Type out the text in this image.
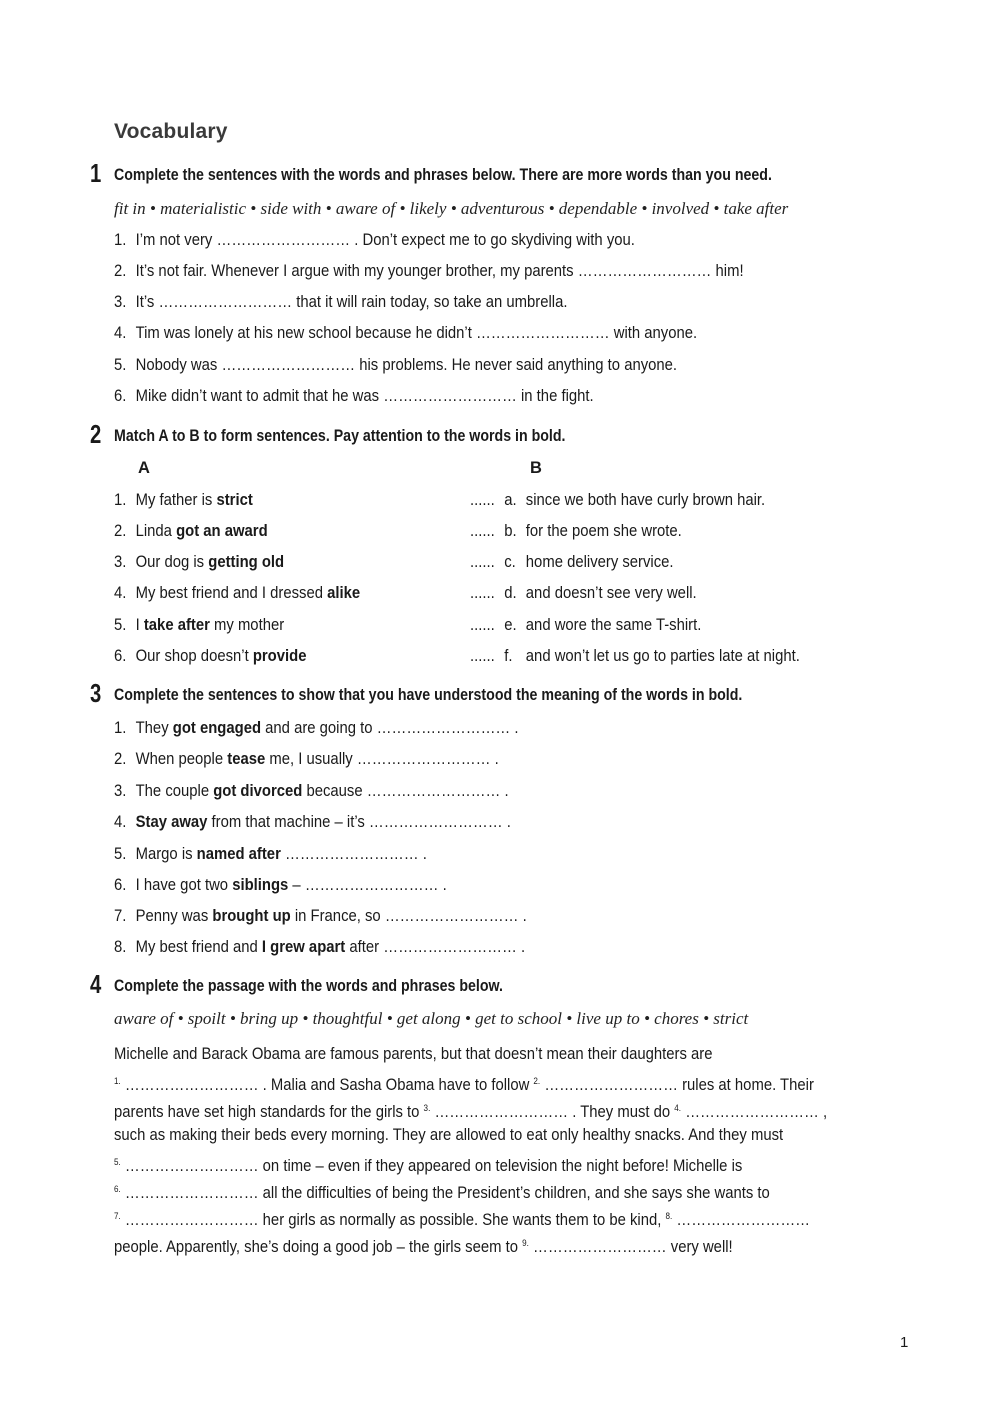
Vocabulary
1 Complete the sentences with the words and phrases below. There are more words than you need.
fit in • materialistic • side with • aware of • likely • adventurous • dependable • involved • take after
1. I’m not very ……………………… . Don’t expect me to go skydiving with you.
2. It’s not fair. Whenever I argue with my younger brother, my parents ……………………… him!
3. It’s ……………………… that it will rain today, so take an umbrella.
4. Tim was lonely at his new school because he didn’t ……………………… with anyone.
5. Nobody was ……………………… his problems. He never said anything to anyone.
6. Mike didn’t want to admit that he was ……………………… in the fight.
2 Match A to B to form sentences. Pay attention to the words in bold.
A	B
1. My father is strict	...... a. since we both have curly brown hair.
2. Linda got an award	...... b. for the poem she wrote.
3. Our dog is getting old	...... c. home delivery service.
4. My best friend and I dressed alike	...... d. and doesn’t see very well.
5. I take after my mother	...... e. and wore the same T-shirt.
6. Our shop doesn’t provide	...... f. and won’t let us go to parties late at night.
3 Complete the sentences to show that you have understood the meaning of the words in bold.
1. They got engaged and are going to ……………………… .
2. When people tease me, I usually ……………………… .
3. The couple got divorced because ……………………… .
4. Stay away from that machine – it’s ……………………… .
5. Margo is named after ……………………… .
6. I have got two siblings – ……………………… .
7. Penny was brought up in France, so ……………………… .
8. My best friend and I grew apart after ……………………… .
4 Complete the passage with the words and phrases below.
aware of • spoilt • bring up • thoughtful • get along • get to school • live up to • chores • strict
Michelle and Barack Obama are famous parents, but that doesn’t mean their daughters are
$^{1.}$ ……………………… . Malia and Sasha Obama have to follow $^{2.}$ ……………………… rules at home. Their
parents have set high standards for the girls to $^{3.}$ ……………………… . They must do $^{4.}$ ……………………… ,
such as making their beds every morning. They are allowed to eat only healthy snacks. And they must
$^{5.}$ ……………………… on time – even if they appeared on television the night before! Michelle is
$^{6.}$ ……………………… all the difficulties of being the President’s children, and she says she wants to
$^{7.}$ ……………………… her girls as normally as possible. She wants them to be kind, $^{8.}$ ………………………
people. Apparently, she’s doing a good job – the girls seem to $^{9.}$ ……………………… very well!
1
